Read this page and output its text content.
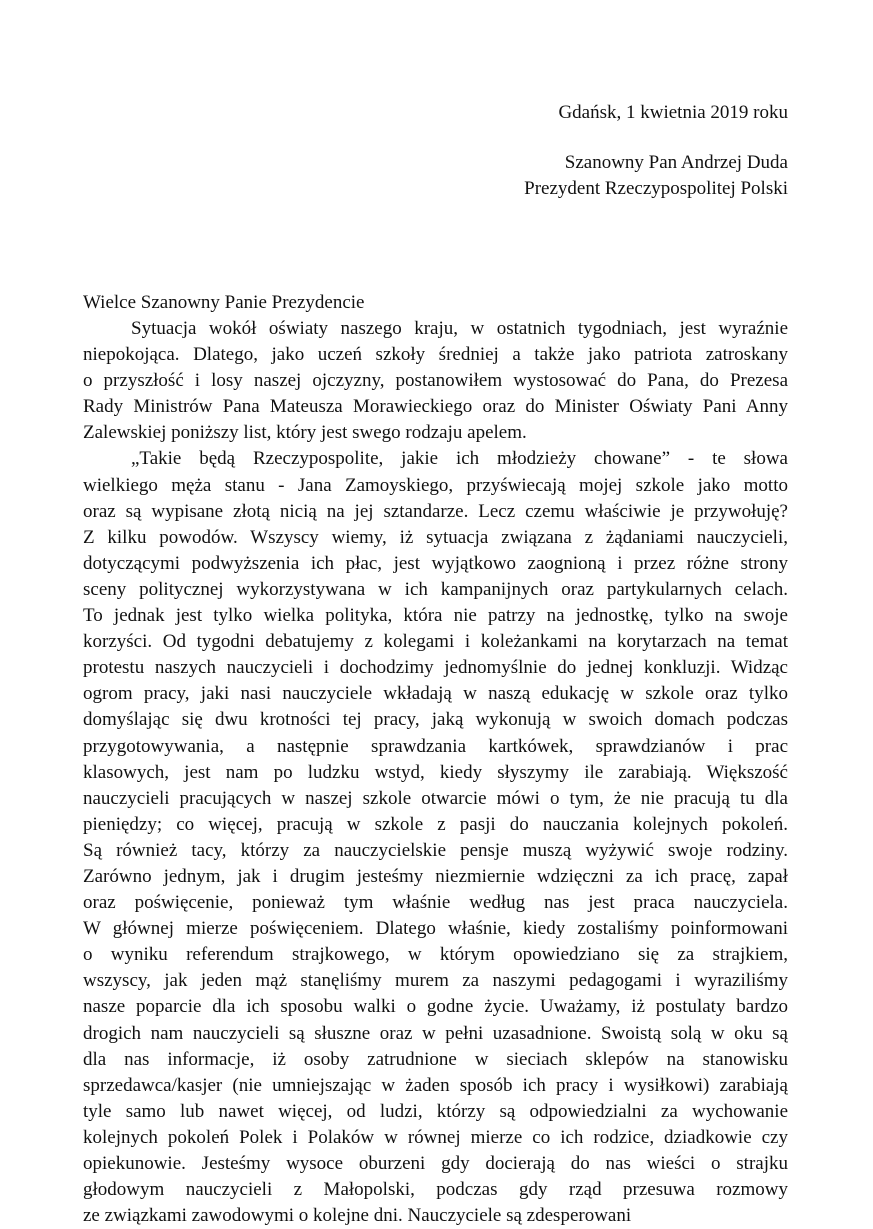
Gdańsk, 1 kwietnia 2019 roku
Szanowny Pan Andrzej Duda
Prezydent Rzeczypospolitej Polski
Wielce Szanowny Panie Prezydencie
Sytuacja wokół oświaty naszego kraju, w ostatnich tygodniach, jest wyraźnie
niepokojąca. Dlatego, jako uczeń szkoły średniej a także jako patriota zatroskany
o przyszłość i losy naszej ojczyzny, postanowiłem wystosować do Pana, do Prezesa
Rady Ministrów Pana Mateusza Morawieckiego oraz do Minister Oświaty Pani Anny
Zalewskiej poniższy list, który jest swego rodzaju apelem.
„Takie będą Rzeczypospolite, jakie ich młodzieży chowane” - te słowa
wielkiego męża stanu - Jana Zamoyskiego, przyświecają mojej szkole jako motto
oraz są wypisane złotą nicią na jej sztandarze. Lecz czemu właściwie je przywołuję?
Z kilku powodów. Wszyscy wiemy, iż sytuacja związana z żądaniami nauczycieli,
dotyczącymi podwyższenia ich płac, jest wyjątkowo zaognioną i przez różne strony
sceny politycznej wykorzystywana w ich kampanijnych oraz partykularnych celach.
To jednak jest tylko wielka polityka, która nie patrzy na jednostkę, tylko na swoje
korzyści. Od tygodni debatujemy z kolegami i koleżankami na korytarzach na temat
protestu naszych nauczycieli i dochodzimy jednomyślnie do jednej konkluzji. Widząc
ogrom pracy, jaki nasi nauczyciele wkładają w naszą edukację w szkole oraz tylko
domyślając się dwu krotności tej pracy, jaką wykonują w swoich domach podczas
przygotowywania, a następnie sprawdzania kartkówek, sprawdzianów i prac
klasowych, jest nam po ludzku wstyd, kiedy słyszymy ile zarabiają. Większość
nauczycieli pracujących w naszej szkole otwarcie mówi o tym, że nie pracują tu dla
pieniędzy; co więcej, pracują w szkole z pasji do nauczania kolejnych pokoleń.
Są również tacy, którzy za nauczycielskie pensje muszą wyżywić swoje rodziny.
Zarówno jednym, jak i drugim jesteśmy niezmiernie wdzięczni za ich pracę, zapał
oraz poświęcenie, ponieważ tym właśnie według nas jest praca nauczyciela.
W głównej mierze poświęceniem. Dlatego właśnie, kiedy zostaliśmy poinformowani
o wyniku referendum strajkowego, w którym opowiedziano się za strajkiem,
wszyscy, jak jeden mąż stanęliśmy murem za naszymi pedagogami i wyraziliśmy
nasze poparcie dla ich sposobu walki o godne życie. Uważamy, iż postulaty bardzo
drogich nam nauczycieli są słuszne oraz w pełni uzasadnione. Swoistą solą w oku są
dla nas informacje, iż osoby zatrudnione w sieciach sklepów na stanowisku
sprzedawca/kasjer (nie umniejszając w żaden sposób ich pracy i wysiłkowi) zarabiają
tyle samo lub nawet więcej, od ludzi, którzy są odpowiedzialni za wychowanie
kolejnych pokoleń Polek i Polaków w równej mierze co ich rodzice, dziadkowie czy
opiekunowie. Jesteśmy wysoce oburzeni gdy docierają do nas wieści o strajku
głodowym nauczycieli z Małopolski, podczas gdy rząd przesuwa rozmowy
ze związkami zawodowymi o kolejne dni. Nauczyciele są zdesperowani
